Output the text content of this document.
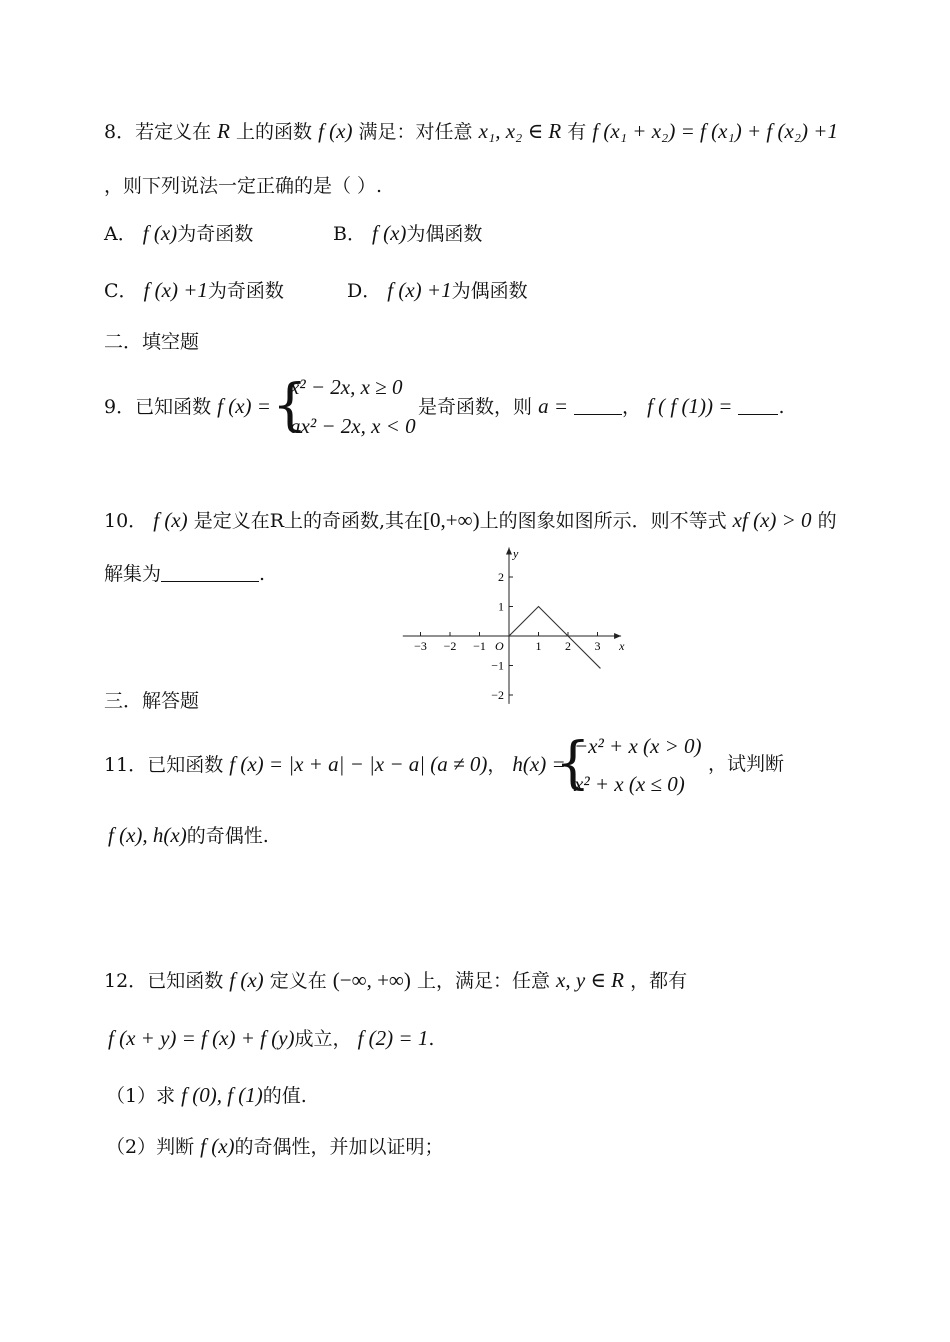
8．若定义在 R 上的函数 f (x) 满足：对任意 x₁, x₂ ∈ R 有 f (x₁ + x₂) = f (x₁) + f (x₂) +1
，则下列说法一定正确的是（ ）.
A． f (x)为奇函数	B． f (x)为偶函数
C． f (x) +1为奇函数	D． f (x) +1为偶函数
二．填空题
9．已知函数 f (x) = {
x² − 2x, x ≥ 0
ax² − 2x, x < 0
是奇函数，则 a =	， f ( f (1)) = .
10． f (x) 是定义在R上的奇函数,其在[0,+∞)上的图象如图所示．则不等式 xf (x) > 0 的
解集为	.
x
y
O
−3 −2 −1	1 2 3
2
1
−1
−2
三．解答题
11．已知函数 f (x) = |x + a| − |x − a| (a ≠ 0)， h(x) =
{
−x² + x (x > 0)
x² + x (x ≤ 0)
，试判断
f (x), h(x)的奇偶性.
12．已知函数 f (x) 定义在 (−∞, +∞) 上，满足：任意 x, y ∈ R ，都有
f (x + y) = f (x) + f (y)成立， f (2) = 1.
（1）求 f (0), f (1)的值.
（2）判断 f (x)的奇偶性，并加以证明；
